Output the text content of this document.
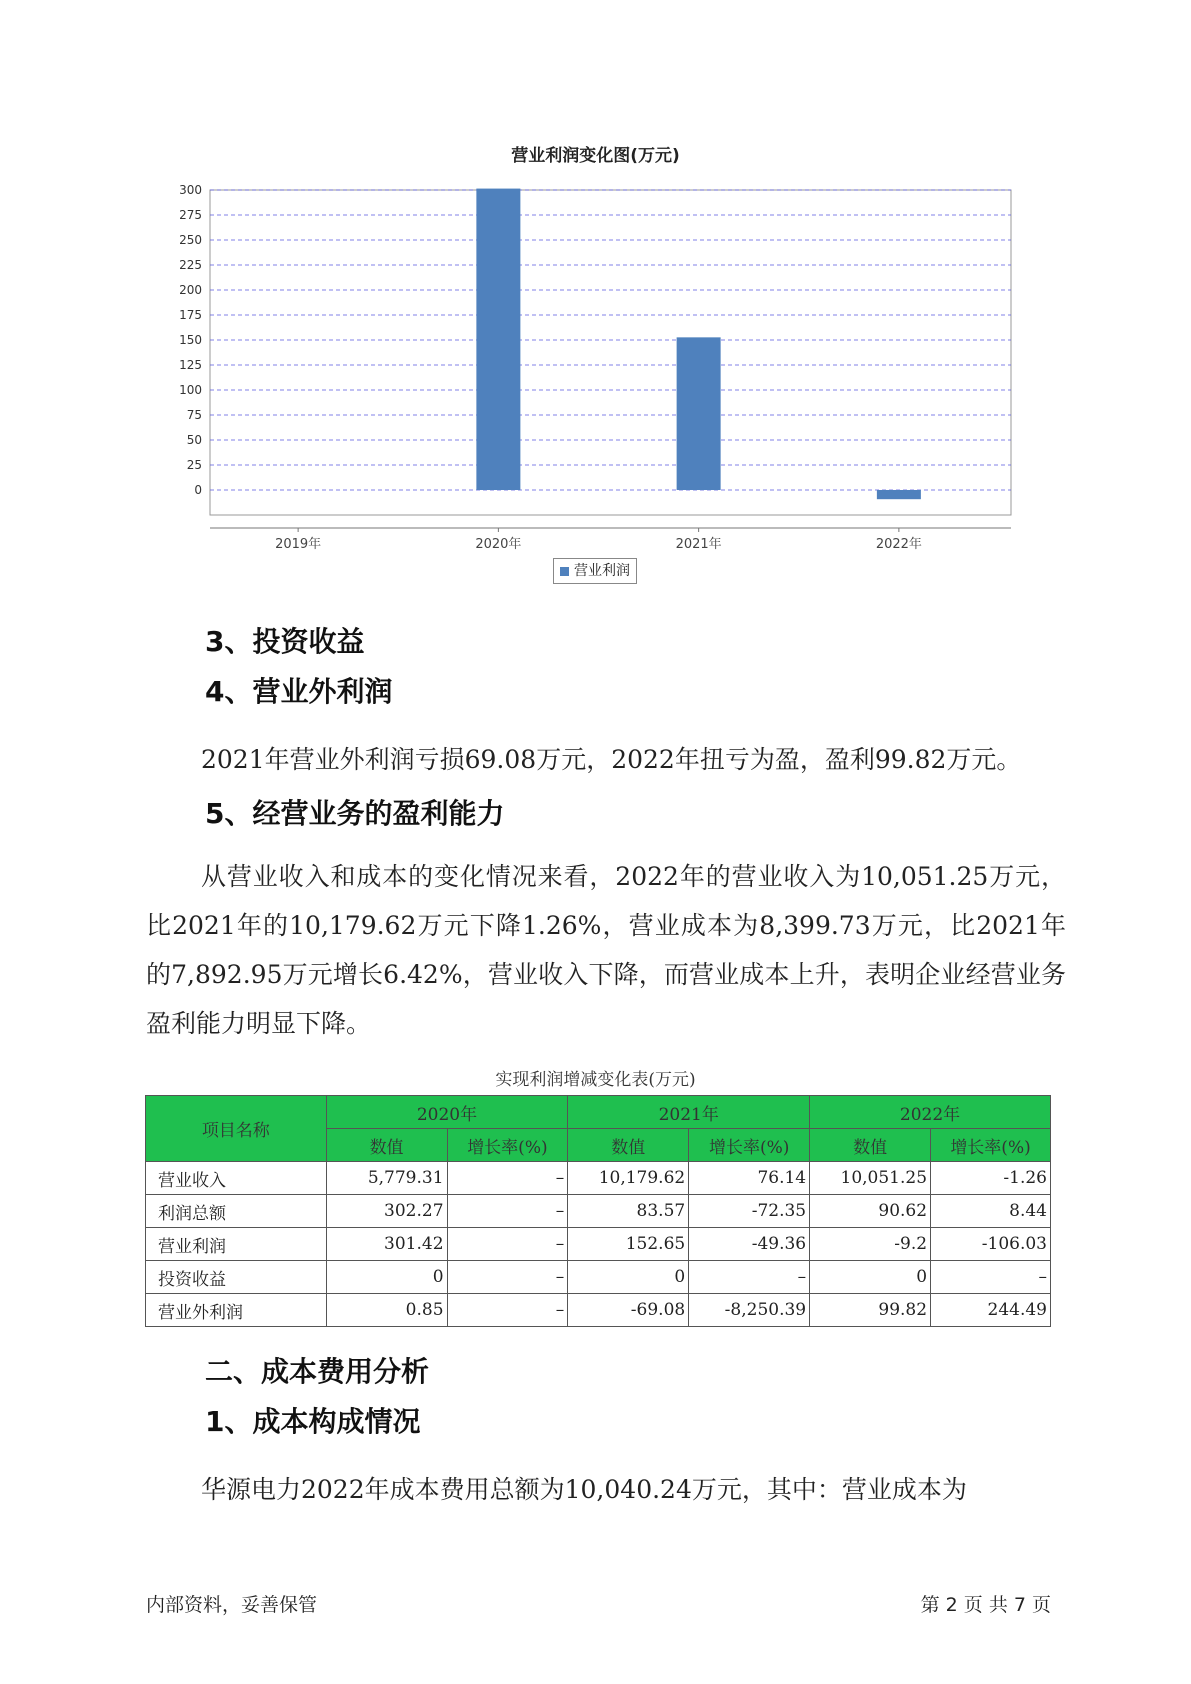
营业利润变化图(万元)
0
25
50
75
100
125
150
175
200
225
250
275
300
2019年	2020年	2021年	2022年
营业利润
3、投资收益
4、营业外利润
2021年营业外利润亏损69.08万元，2022年扭亏为盈，盈利99.82万元。
5、经营业务的盈利能力
从营业收入和成本的变化情况来看，2022年的营业收入为10,051.25万元，比2021年的10,179.62万元下降1.26%，营业成本为8,399.73万元，比2021年的7,892.95万元增长6.42%，营业收入下降，而营业成本上升，表明企业经营业务盈利能力明显下降。
实现利润增减变化表(万元)
项目名称	2020年		2021年		2022年	
	数值	增长率(%)	数值	增长率(%)	数值	增长率(%)
营业收入	5,779.31	–	10,179.62	76.14	10,051.25	-1.26
利润总额	302.27	–	83.57	-72.35	90.62	8.44
营业利润	301.42	–	152.65	-49.36	-9.2	-106.03
投资收益	0	–	0	–	0	–
营业外利润	0.85	–	-69.08	-8,250.39	99.82	244.49
二、成本费用分析
1、成本构成情况
华源电力2022年成本费用总额为10,040.24万元，其中：营业成本为
内部资料，妥善保管	第 2 页 共 7 页
